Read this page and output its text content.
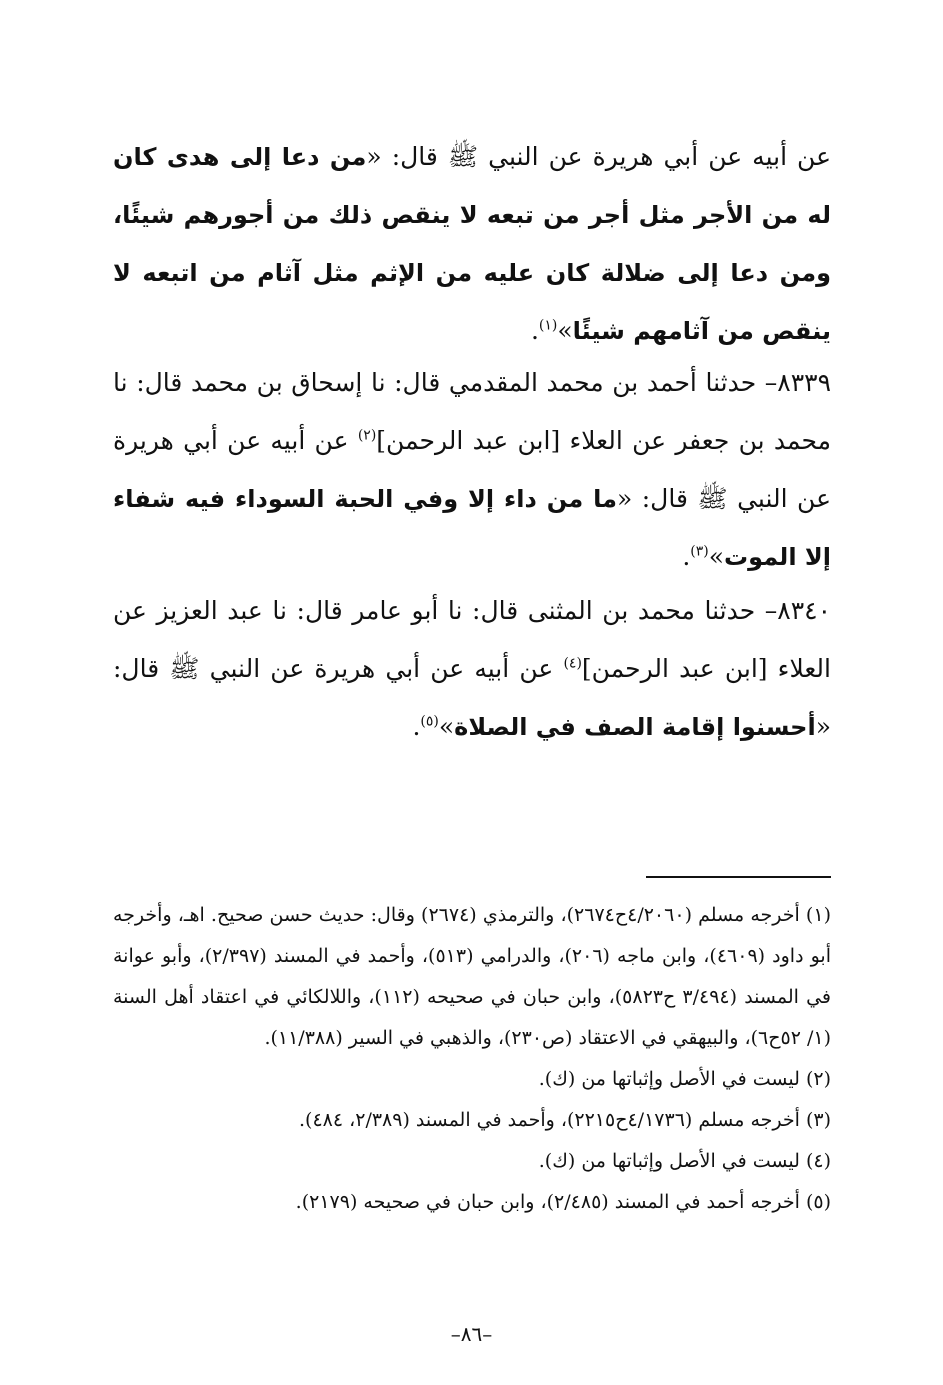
عن أبيه عن أبي هريرة عن النبي ﷺ قال: «من دعا إلى هدى كان له من الأجر مثل أجر من تبعه لا ينقص ذلك من أجورهم شيئًا، ومن دعا إلى ضلالة كان عليه من الإثم مثل آثام من اتبعه لا ينقص من آثامهم شيئًا»$^{(١)}$.

٨٣٣٩– حدثنا أحمد بن محمد المقدمي قال: نا إسحاق بن محمد قال: نا محمد بن جعفر عن العلاء [ابن عبد الرحمن]$^{(٢)}$ عن أبيه عن أبي هريرة عن النبي ﷺ قال: «ما من داء إلا وفي الحبة السوداء فيه شفاء إلا الموت»$^{(٣)}$.

٨٣٤٠– حدثنا محمد بن المثنى قال: نا أبو عامر قال: نا عبد العزيز عن العلاء [ابن عبد الرحمن]$^{(٤)}$ عن أبيه عن أبي هريرة عن النبي ﷺ قال: «أحسنوا إقامة الصف في الصلاة»$^{(٥)}$.

(١) أخرجه مسلم (٤/٢٠٦٠ح٢٦٧٤)، والترمذي (٢٦٧٤) وقال: حديث حسن صحيح. اهـ، وأخرجه أبو داود (٤٦٠٩)، وابن ماجه (٢٠٦)، والدرامي (٥١٣)، وأحمد في المسند (٢/٣٩٧)، وأبو عوانة في المسند (٣/٤٩٤ ح٥٨٢٣)، وابن حبان في صحيحه (١١٢)، واللالكائي في اعتقاد أهل السنة (١/ ٥٢ح٦)، والبيهقي في الاعتقاد (ص٢٣٠)، والذهبي في السير (١١/٣٨٨).

(٢) ليست في الأصل وإثباتها من (ك).

(٣) أخرجه مسلم (٤/١٧٣٦ح٢٢١٥)، وأحمد في المسند (٢/٣٨٩، ٤٨٤).

(٤) ليست في الأصل وإثباتها من (ك).

(٥) أخرجه أحمد في المسند (٢/٤٨٥)، وابن حبان في صحيحه (٢١٧٩).

–٨٦–
